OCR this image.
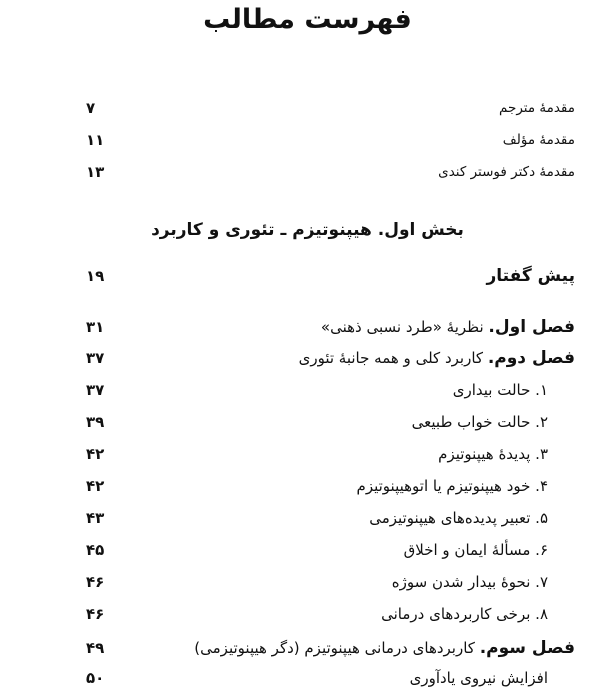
فهرست مطالب
مقدمهٔ مترجم
۷
مقدمهٔ مؤلف
۱۱
مقدمهٔ دکتر فوستر کندی
۱۳
بخش اول. هیپنوتیزم ـ تئوری و کاربرد
پیش گفتار
۱۹
فصل اول. نظریهٔ «طرد نسبی ذهنی»
۳۱
فصل دوم. کاربرد کلی و همه جانبهٔ تئوری
۳۷
۱. حالت بیداری
۳۷
۲. حالت خواب طبیعی
۳۹
۳. پدیدهٔ هیپنوتیزم
۴۲
۴. خود هیپنوتیزم یا اتوهیپنوتیزم
۴۲
۵. تعبیر پدیده‌های هیپنوتیزمی
۴۳
۶. مسألهٔ ایمان و اخلاق
۴۵
۷. نحوهٔ بیدار شدن سوژه
۴۶
۸. برخی کاربردهای درمانی
۴۶
فصل سوم. کاربردهای درمانی هیپنوتیزم (دگر هیپنوتیزمی)
۴۹
افزایش نیروی یادآوری
۵۰
